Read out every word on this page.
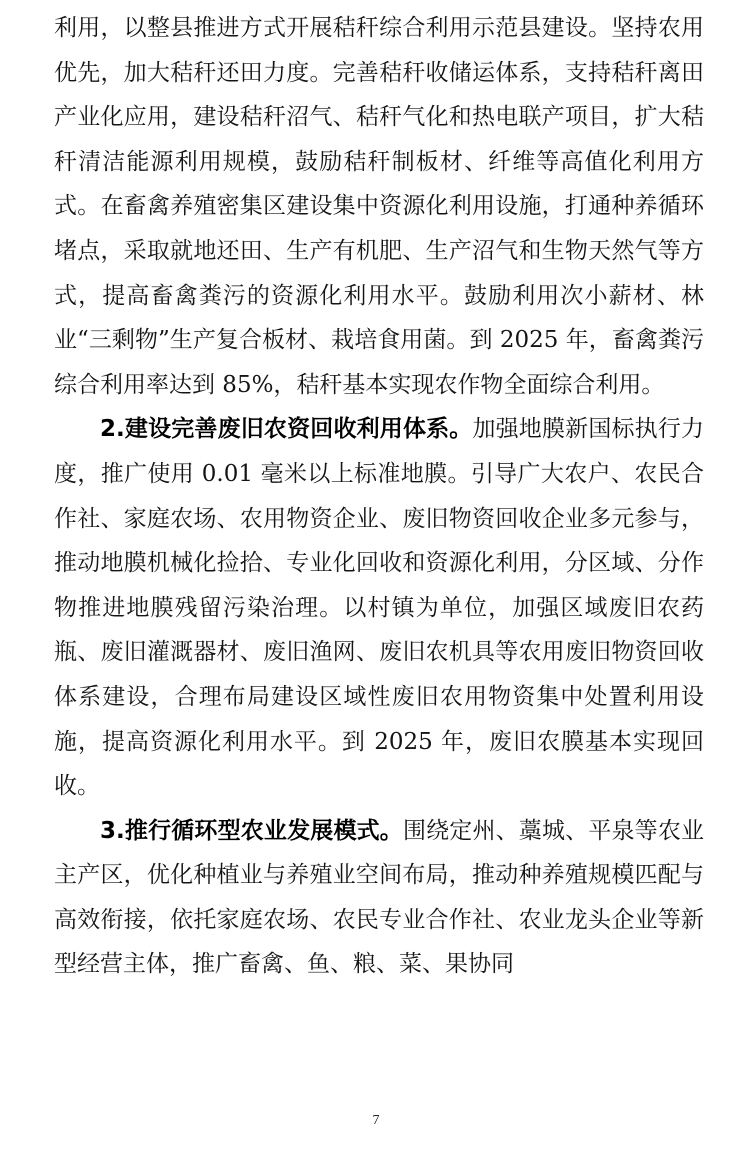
利用，以整县推进方式开展秸秆综合利用示范县建设。坚持农用优先，加大秸秆还田力度。完善秸秆收储运体系，支持秸秆离田产业化应用，建设秸秆沼气、秸秆气化和热电联产项目，扩大秸秆清洁能源利用规模，鼓励秸秆制板材、纤维等高值化利用方式。在畜禽养殖密集区建设集中资源化利用设施，打通种养循环堵点，采取就地还田、生产有机肥、生产沼气和生物天然气等方式，提高畜禽粪污的资源化利用水平。鼓励利用次小薪材、林业“三剩物”生产复合板材、栽培食用菌。到 2025 年，畜禽粪污综合利用率达到 85%，秸秆基本实现农作物全面综合利用。

2.建设完善废旧农资回收利用体系。加强地膜新国标执行力度，推广使用 0.01 毫米以上标准地膜。引导广大农户、农民合作社、家庭农场、农用物资企业、废旧物资回收企业多元参与，推动地膜机械化捡拾、专业化回收和资源化利用，分区域、分作物推进地膜残留污染治理。以村镇为单位，加强区域废旧农药瓶、废旧灌溉器材、废旧渔网、废旧农机具等农用废旧物资回收体系建设，合理布局建设区域性废旧农用物资集中处置利用设施，提高资源化利用水平。到 2025 年，废旧农膜基本实现回收。

3.推行循环型农业发展模式。围绕定州、藁城、平泉等农业主产区，优化种植业与养殖业空间布局，推动种养殖规模匹配与高效衔接，依托家庭农场、农民专业合作社、农业龙头企业等新型经营主体，推广畜禽、鱼、粮、菜、果协同

7
